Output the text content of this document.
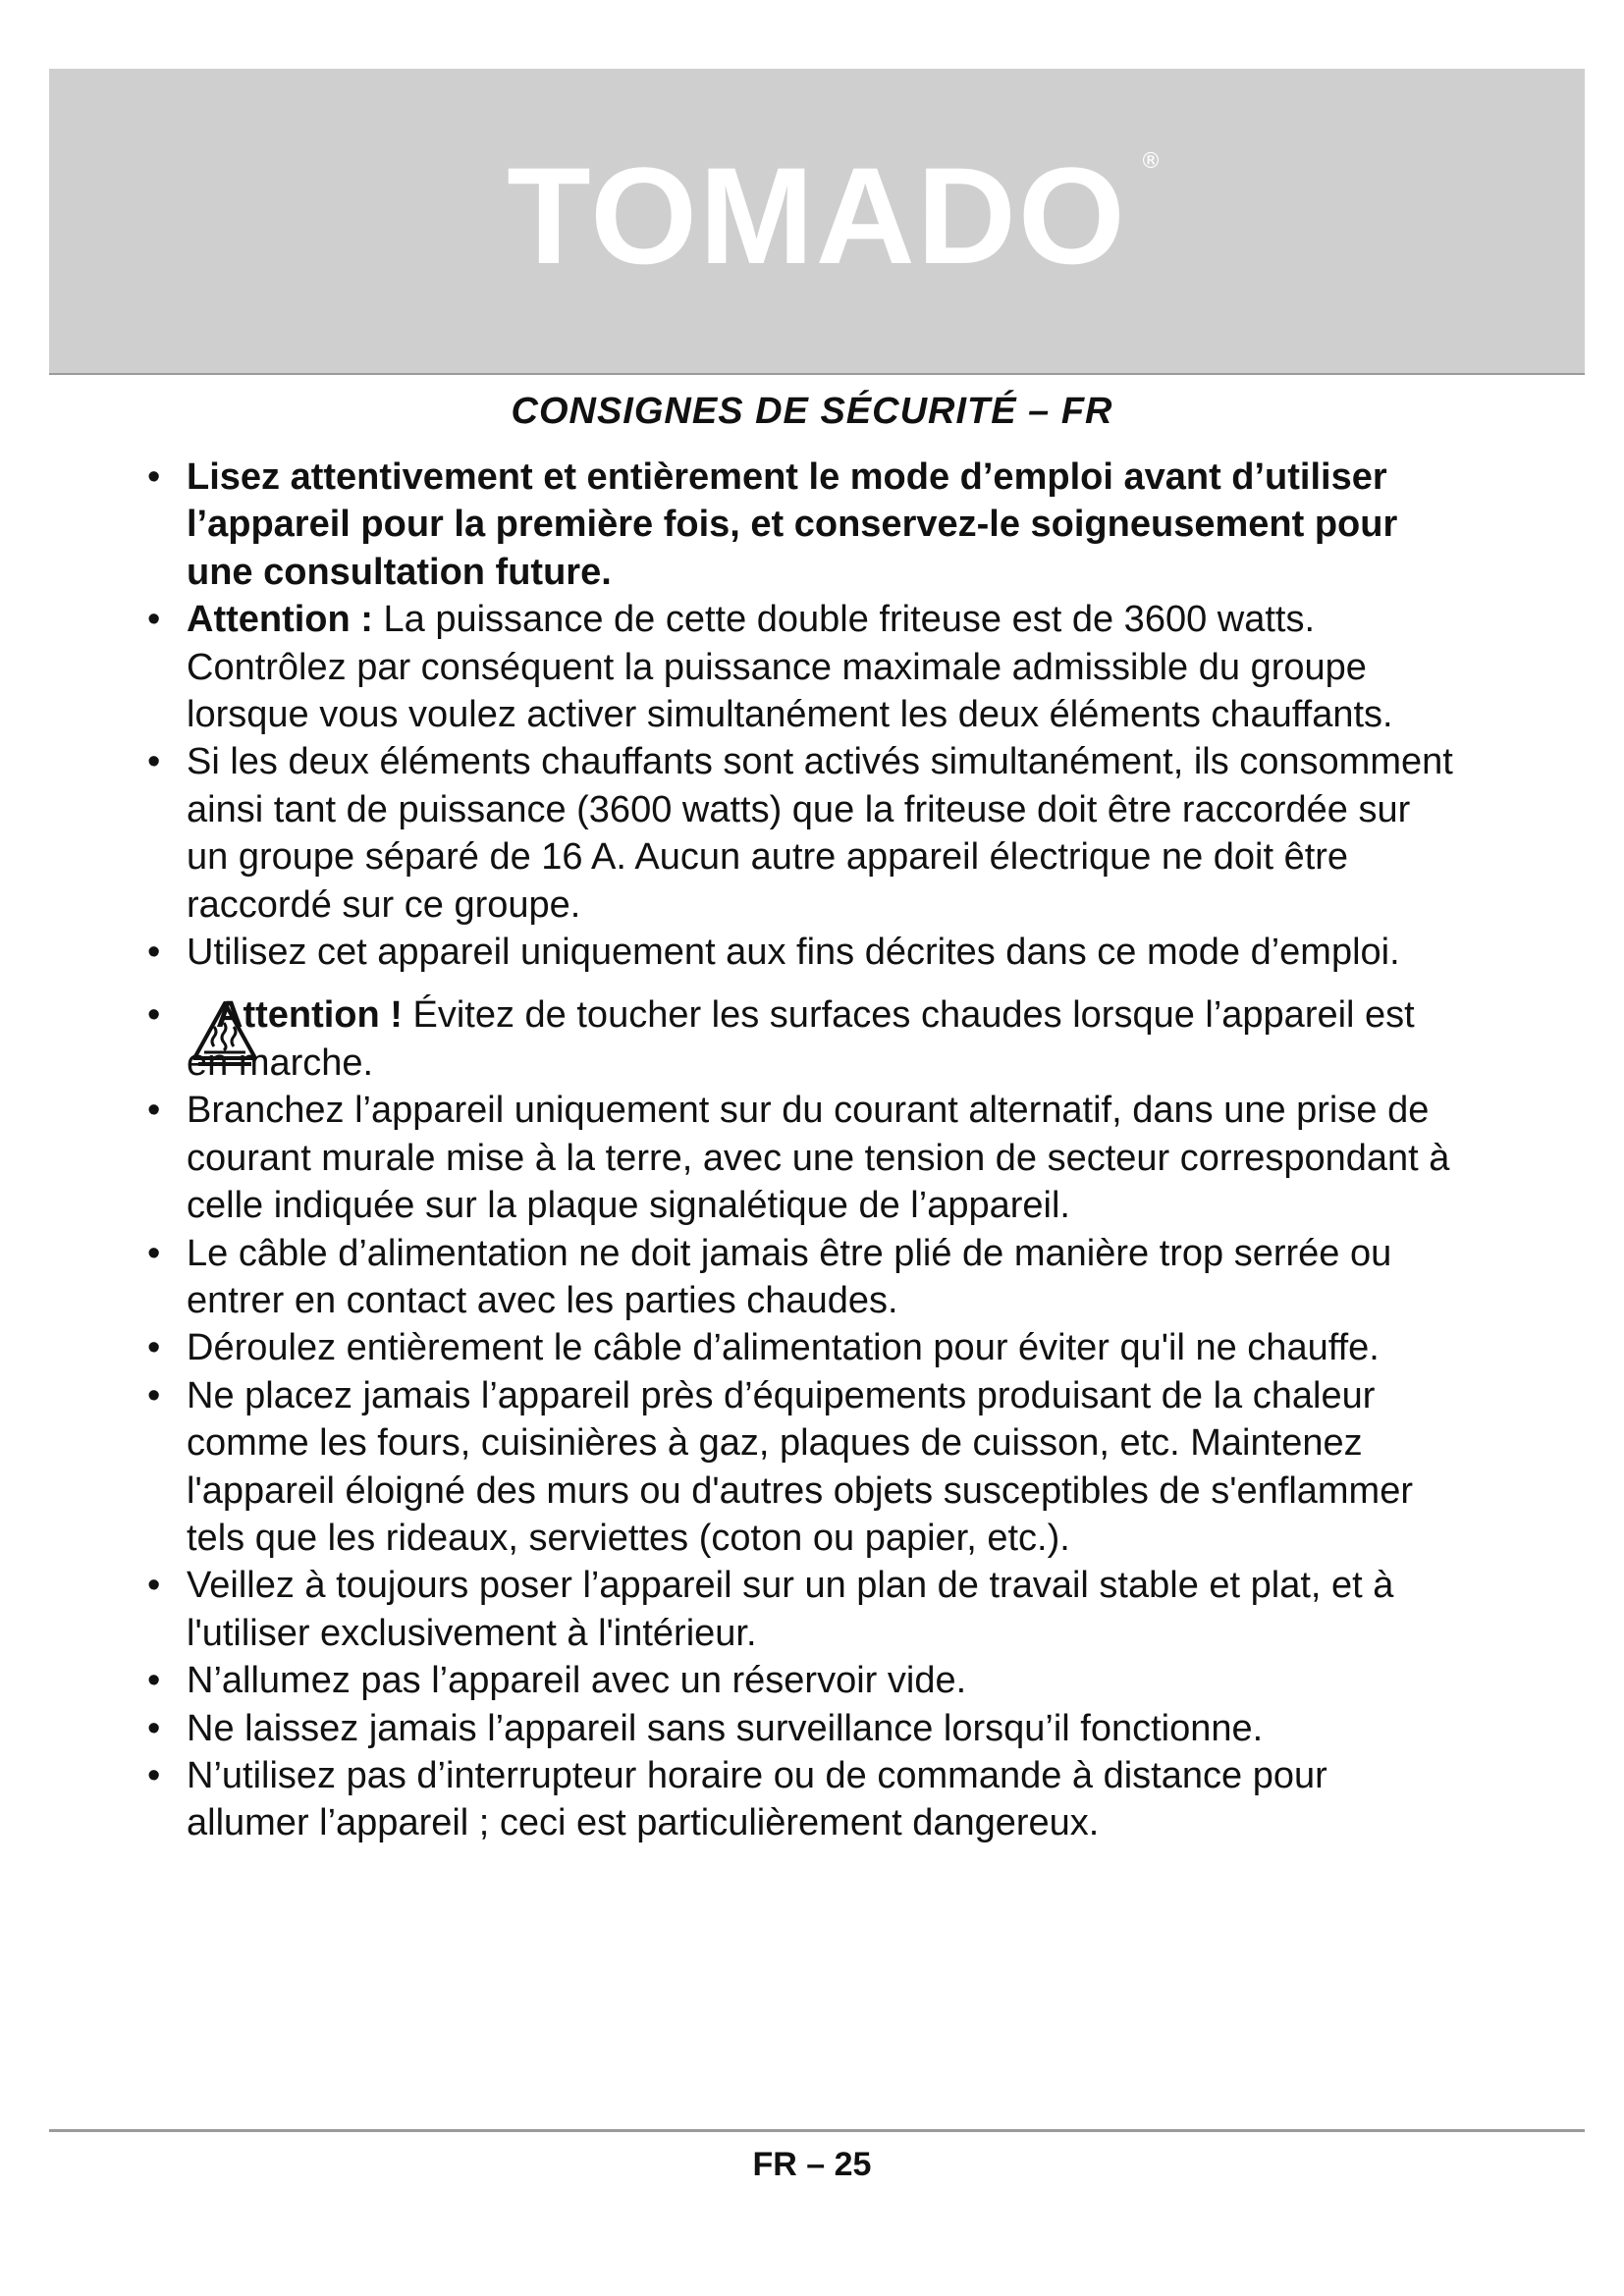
TOMADO ®
CONSIGNES DE SÉCURITÉ – FR
• Lisez attentivement et entièrement le mode d’emploi avant d’utiliser l’appareil pour la première fois, et conservez-le soigneusement pour une consultation future.
• Attention : La puissance de cette double friteuse est de 3600 watts. Contrôlez par conséquent la puissance maximale admissible du groupe lorsque vous voulez activer simultanément les deux éléments chauffants.
• Si les deux éléments chauffants sont activés simultanément, ils consomment ainsi tant de puissance (3600 watts) que la friteuse doit être raccordée sur un groupe séparé de 16 A. Aucun autre appareil électrique ne doit être raccordé sur ce groupe.
• Utilisez cet appareil uniquement aux fins décrites dans ce mode d’emploi.
•	Attention ! Évitez de toucher les surfaces chaudes lorsque l’appareil est en marche.
• Branchez l’appareil uniquement sur du courant alternatif, dans une prise de courant murale mise à la terre, avec une tension de secteur correspondant à celle indiquée sur la plaque signalétique de l’appareil.
• Le câble d’alimentation ne doit jamais être plié de manière trop serrée ou entrer en contact avec les parties chaudes.
• Déroulez entièrement le câble d’alimentation pour éviter qu'il ne chauffe.
• Ne placez jamais l’appareil près d’équipements produisant de la chaleur comme les fours, cuisinières à gaz, plaques de cuisson, etc. Maintenez l'appareil éloigné des murs ou d'autres objets susceptibles de s'enflammer tels que les rideaux, serviettes (coton ou papier, etc.).
• Veillez à toujours poser l’appareil sur un plan de travail stable et plat, et à l'utiliser exclusivement à l'intérieur.
• N’allumez pas l’appareil avec un réservoir vide.
• Ne laissez jamais l’appareil sans surveillance lorsqu’il fonctionne.
• N’utilisez pas d’interrupteur horaire ou de commande à distance pour allumer l’appareil ; ceci est particulièrement dangereux.
FR – 25
